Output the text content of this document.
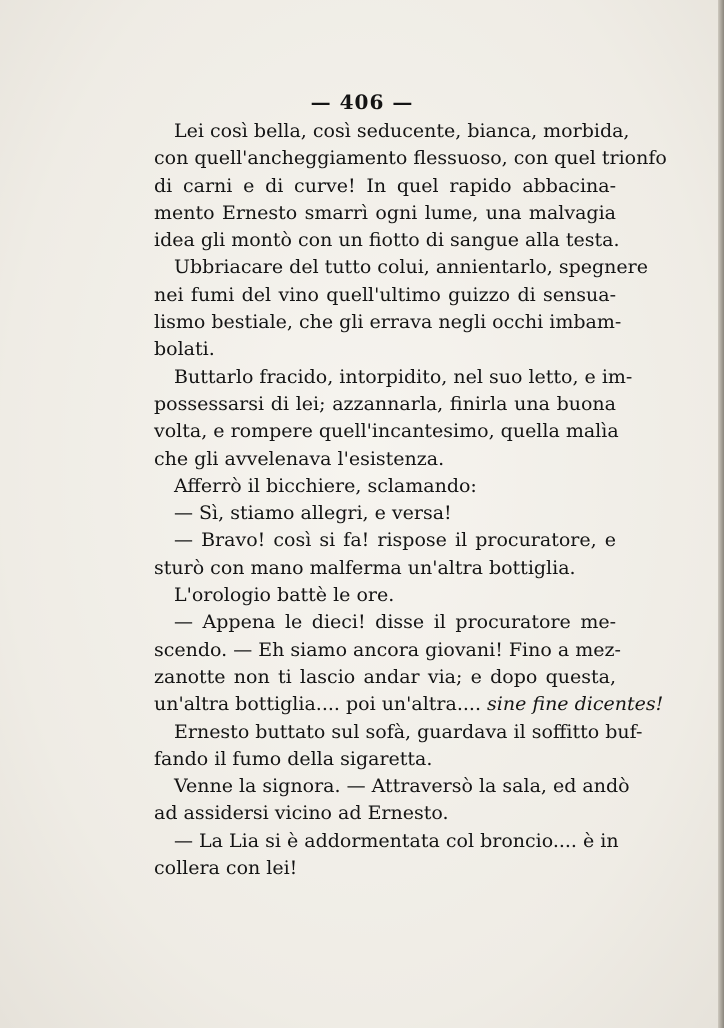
— 406 —
Lei così bella, così seducente, bianca, morbida,
con quell'ancheggiamento flessuoso, con quel trionfo
di carni e di curve! In quel rapido abbacina-
mento Ernesto smarrì ogni lume, una malvagia
idea gli montò con un fiotto di sangue alla testa.
Ubbriacare del tutto colui, annientarlo, spegnere
nei fumi del vino quell'ultimo guizzo di sensua-
lismo bestiale, che gli errava negli occhi imbam-
bolati.
Buttarlo fracido, intorpidito, nel suo letto, e im-
possessarsi di lei; azzannarla, finirla una buona
volta, e rompere quell'incantesimo, quella malìa
che gli avvelenava l'esistenza.
Afferrò il bicchiere, sclamando:
— Sì, stiamo allegri, e versa!
— Bravo! così si fa! rispose il procuratore, e
sturò con mano malferma un'altra bottiglia.
L'orologio battè le ore.
— Appena le dieci! disse il procuratore me-
scendo. — Eh siamo ancora giovani! Fino a mez-
zanotte non ti lascio andar via; e dopo questa,
un'altra bottiglia.... poi un'altra.... sine fine dicentes!
Ernesto buttato sul sofà, guardava il soffitto buf-
fando il fumo della sigaretta.
Venne la signora. — Attraversò la sala, ed andò
ad assidersi vicino ad Ernesto.
— La Lia si è addormentata col broncio.... è in
collera con lei!
